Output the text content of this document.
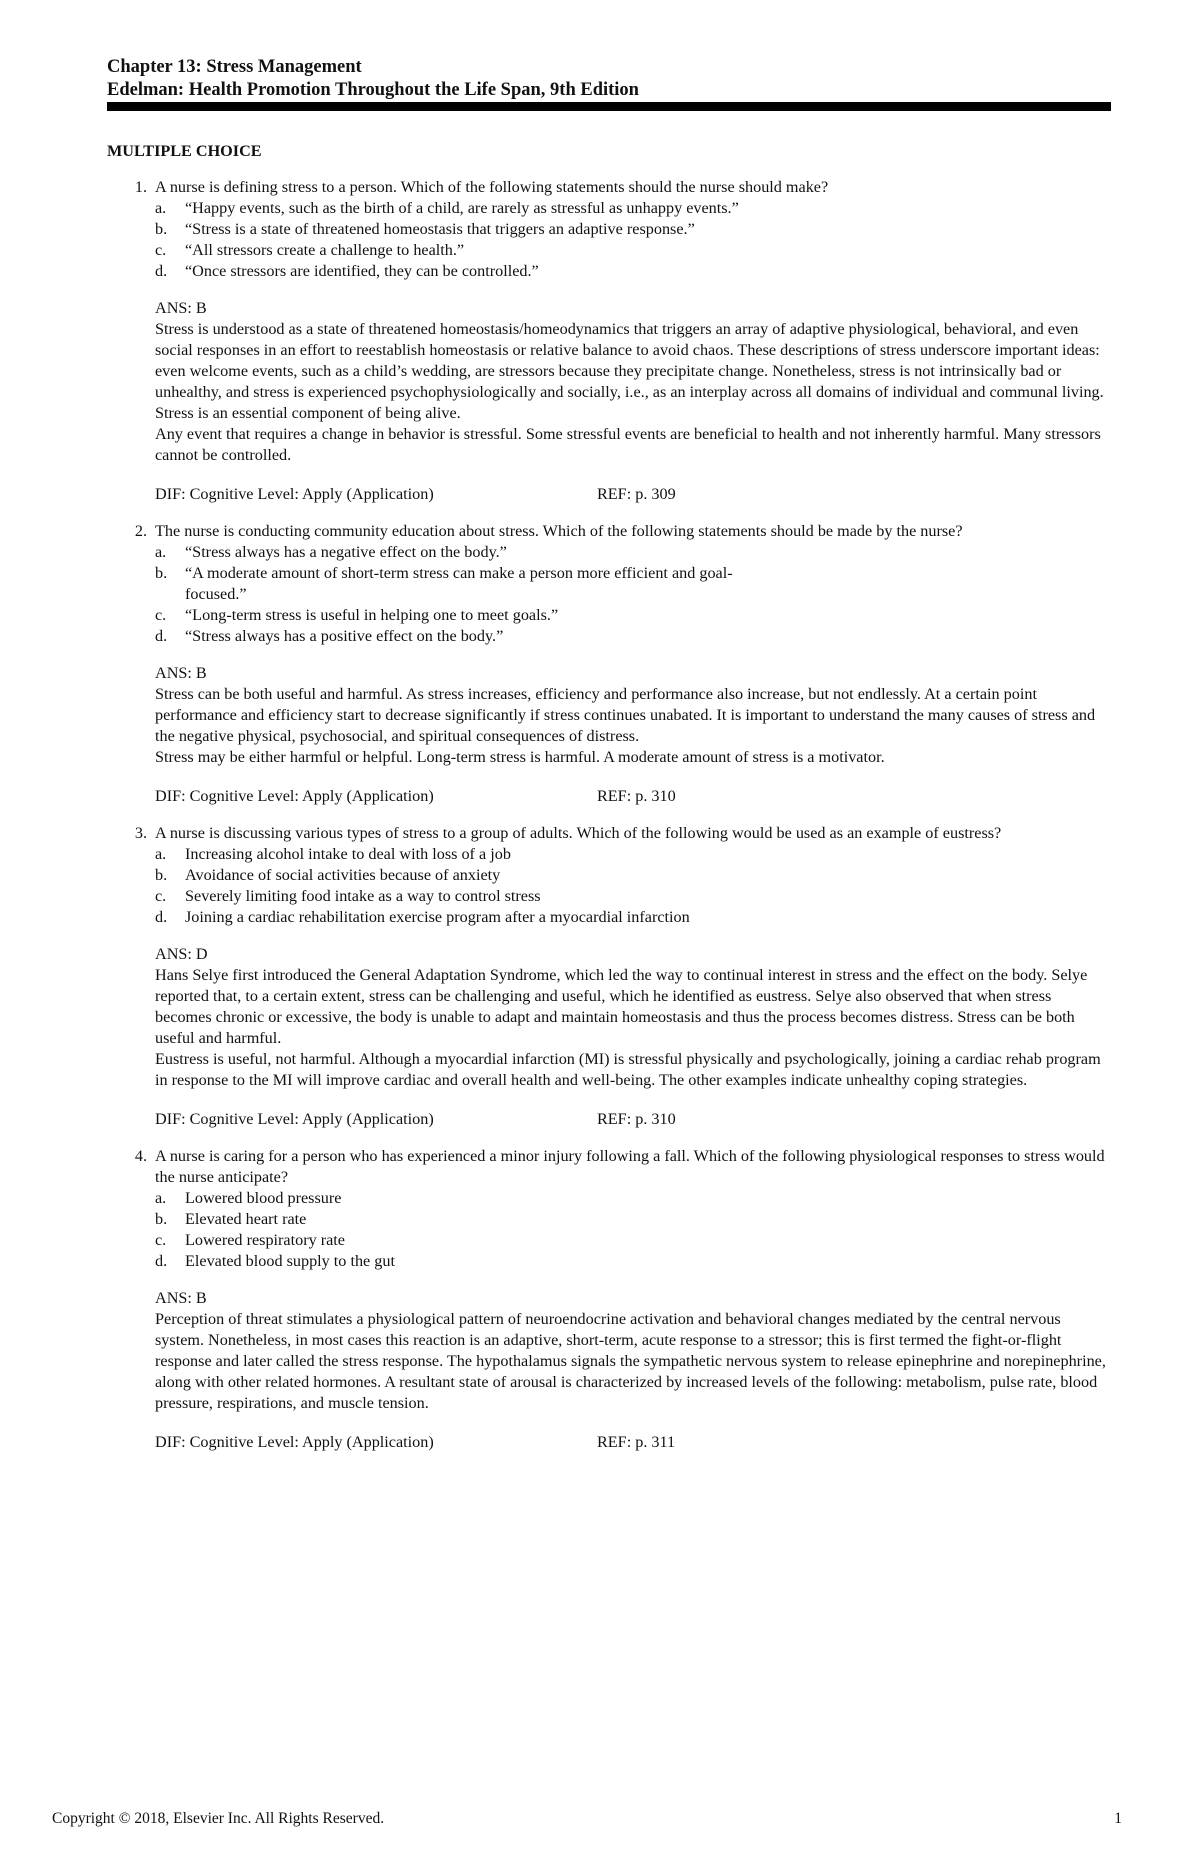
Chapter 13: Stress Management
Edelman: Health Promotion Throughout the Life Span, 9th Edition
MULTIPLE CHOICE
1. A nurse is defining stress to a person. Which of the following statements should the nurse should make?
a.	“Happy events, such as the birth of a child, are rarely as stressful as unhappy events.”
b.	“Stress is a state of threatened homeostasis that triggers an adaptive response.”
c.	“All stressors create a challenge to health.”
d.	“Once stressors are identified, they can be controlled.”
ANS: B
Stress is understood as a state of threatened homeostasis/homeodynamics that triggers an array of adaptive physiological, behavioral, and even social responses in an effort to reestablish homeostasis or relative balance to avoid chaos. These descriptions of stress underscore important ideas: even welcome events, such as a child’s wedding, are stressors because they precipitate change. Nonetheless, stress is not intrinsically bad or unhealthy, and stress is experienced psychophysiologically and socially, i.e., as an interplay across all domains of individual and communal living. Stress is an essential component of being alive.
Any event that requires a change in behavior is stressful. Some stressful events are beneficial to health and not inherently harmful. Many stressors cannot be controlled.
DIF: Cognitive Level: Apply (Application)	REF: p. 309
2. The nurse is conducting community education about stress. Which of the following statements should be made by the nurse?
a.	“Stress always has a negative effect on the body.”
b.	“A moderate amount of short-term stress can make a person more efficient and goal-focused.”
c.	“Long-term stress is useful in helping one to meet goals.”
d.	“Stress always has a positive effect on the body.”
ANS: B
Stress can be both useful and harmful. As stress increases, efficiency and performance also increase, but not endlessly. At a certain point performance and efficiency start to decrease significantly if stress continues unabated. It is important to understand the many causes of stress and the negative physical, psychosocial, and spiritual consequences of distress.
Stress may be either harmful or helpful. Long-term stress is harmful. A moderate amount of stress is a motivator.
DIF: Cognitive Level: Apply (Application)	REF: p. 310
3. A nurse is discussing various types of stress to a group of adults. Which of the following would be used as an example of eustress?
a.	Increasing alcohol intake to deal with loss of a job
b.	Avoidance of social activities because of anxiety
c.	Severely limiting food intake as a way to control stress
d.	Joining a cardiac rehabilitation exercise program after a myocardial infarction
ANS: D
Hans Selye first introduced the General Adaptation Syndrome, which led the way to continual interest in stress and the effect on the body. Selye reported that, to a certain extent, stress can be challenging and useful, which he identified as eustress. Selye also observed that when stress becomes chronic or excessive, the body is unable to adapt and maintain homeostasis and thus the process becomes distress. Stress can be both useful and harmful.
Eustress is useful, not harmful. Although a myocardial infarction (MI) is stressful physically and psychologically, joining a cardiac rehab program in response to the MI will improve cardiac and overall health and well-being. The other examples indicate unhealthy coping strategies.
DIF: Cognitive Level: Apply (Application)	REF: p. 310
4. A nurse is caring for a person who has experienced a minor injury following a fall. Which of the following physiological responses to stress would the nurse anticipate?
a.	Lowered blood pressure
b.	Elevated heart rate
c.	Lowered respiratory rate
d.	Elevated blood supply to the gut
ANS: B
Perception of threat stimulates a physiological pattern of neuroendocrine activation and behavioral changes mediated by the central nervous system. Nonetheless, in most cases this reaction is an adaptive, short-term, acute response to a stressor; this is first termed the fight-or-flight response and later called the stress response. The hypothalamus signals the sympathetic nervous system to release epinephrine and norepinephrine, along with other related hormones. A resultant state of arousal is characterized by increased levels of the following: metabolism, pulse rate, blood pressure, respirations, and muscle tension.
DIF: Cognitive Level: Apply (Application)	REF: p. 311
Copyright © 2018, Elsevier Inc. All Rights Reserved.	1
